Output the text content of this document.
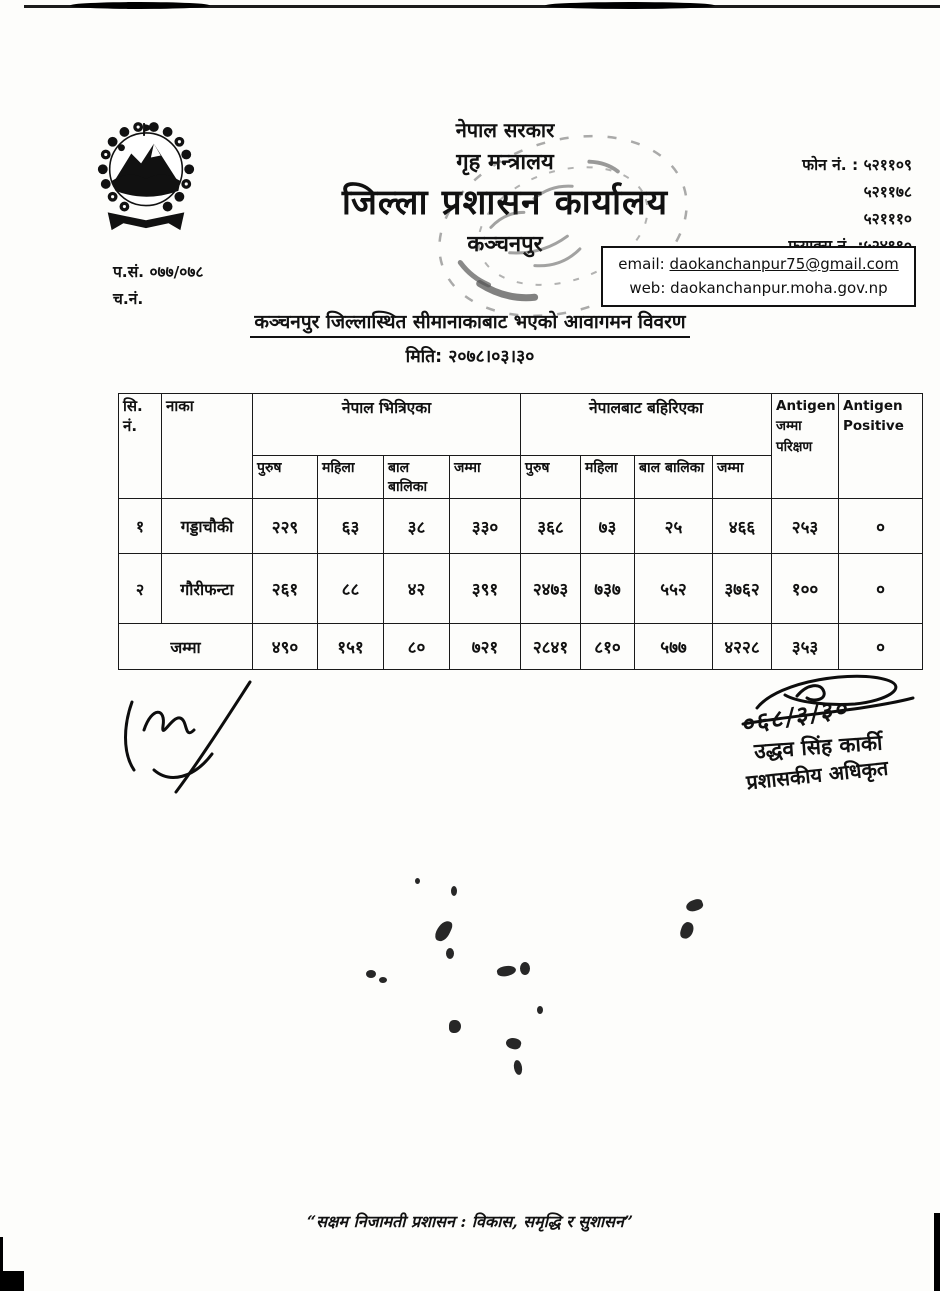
प.सं. ०७७/०७८
च.नं.
नेपाल सरकार
गृह मन्त्रालय
जिल्ला प्रशासन कार्यालय
कञ्चनपुर
फोन नं. : ५२११०९
५२११७८
५२१११०
email: daokanchanpur75@gmail.com
web: daokanchanpur.moha.gov.np
कञ्चनपुर जिल्लास्थित सीमानाकाबाट भएको आवागमन विवरण
मिति: २०७८।०३।३०
सि. नं.	नाका	नेपाल भित्रिएका				नेपालबाट बहिरिएका				Antigen जम्मा परिक्षण	Antigen Positive
		पुरुष	महिला	बाल बालिका	जम्मा	पुरुष	महिला	बाल बालिका	जम्मा		
१	गड्डाचौकी	२२९	६३	३८	३३०	३६८	७३	२५	४६६	२५३	०
२	गौरीफन्टा	२६१	८८	४२	३९१	२४७३	७३७	५५२	३७६२	१००	०
जम्मा		४९०	१५१	८०	७२१	२८४१	८१०	५७७	४२२८	३५३	०
०६८/३/३०
उद्धव सिंह कार्की
प्रशासकीय अधिकृत
“सक्षम निजामती प्रशासन : विकास, समृद्धि र सुशासन”
